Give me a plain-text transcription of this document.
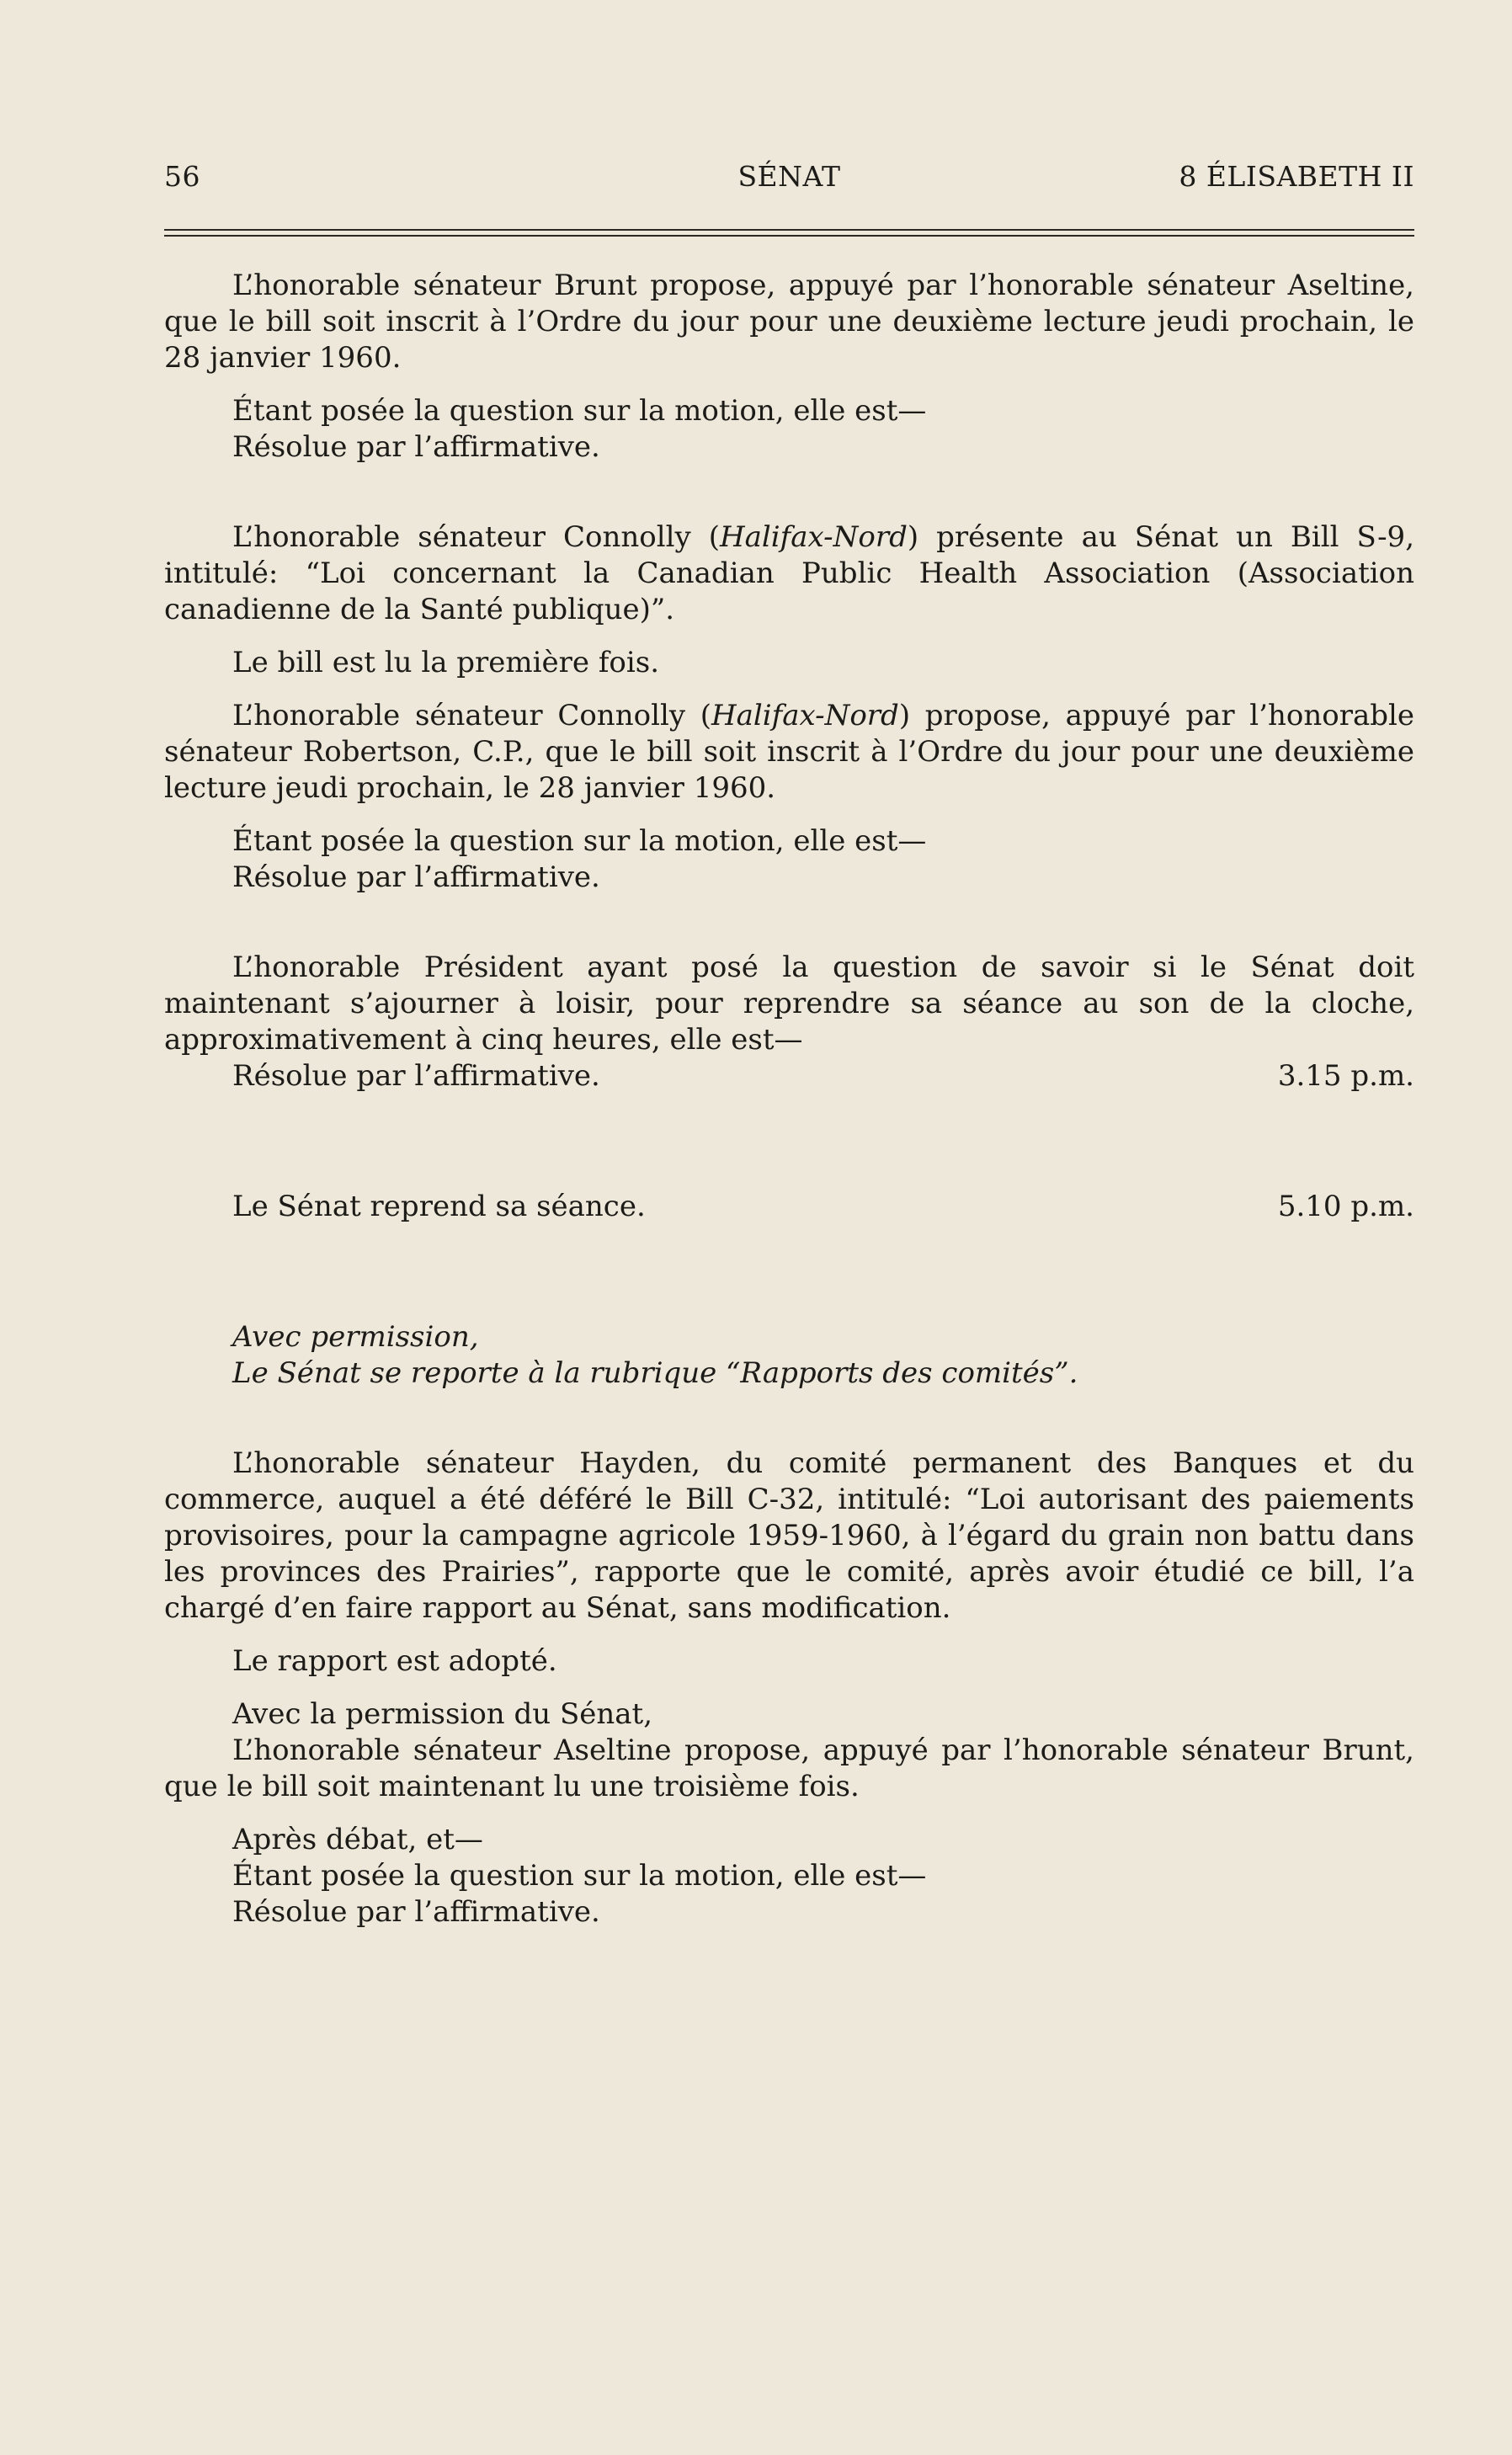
56	SÉNAT	8 ÉLISABETH II

L’honorable sénateur Brunt propose, appuyé par l’honorable sénateur Aseltine, que le bill soit inscrit à l’Ordre du jour pour une deuxième lecture jeudi prochain, le 28 janvier 1960.

Étant posée la question sur la motion, elle est—

Résolue par l’affirmative.

L’honorable sénateur Connolly (Halifax-Nord) présente au Sénat un Bill S-9, intitulé: “Loi concernant la Canadian Public Health Association (Association canadienne de la Santé publique)”.

Le bill est lu la première fois.

L’honorable sénateur Connolly (Halifax-Nord) propose, appuyé par l’honorable sénateur Robertson, C.P., que le bill soit inscrit à l’Ordre du jour pour une deuxième lecture jeudi prochain, le 28 janvier 1960.

Étant posée la question sur la motion, elle est—

Résolue par l’affirmative.

L’honorable Président ayant posé la question de savoir si le Sénat doit maintenant s’ajourner à loisir, pour reprendre sa séance au son de la cloche, approximativement à cinq heures, elle est—

Résolue par l’affirmative.	3.15 p.m.
Le Sénat reprend sa séance.	5.10 p.m.

Avec permission,

Le Sénat se reporte à la rubrique “Rapports des comités”.

L’honorable sénateur Hayden, du comité permanent des Banques et du commerce, auquel a été déféré le Bill C-32, intitulé: “Loi autorisant des paiements provisoires, pour la campagne agricole 1959-1960, à l’égard du grain non battu dans les provinces des Prairies”, rapporte que le comité, après avoir étudié ce bill, l’a chargé d’en faire rapport au Sénat, sans modification.

Le rapport est adopté.

Avec la permission du Sénat,

L’honorable sénateur Aseltine propose, appuyé par l’honorable sénateur Brunt, que le bill soit maintenant lu une troisième fois.

Après débat, et—

Étant posée la question sur la motion, elle est—

Résolue par l’affirmative.
